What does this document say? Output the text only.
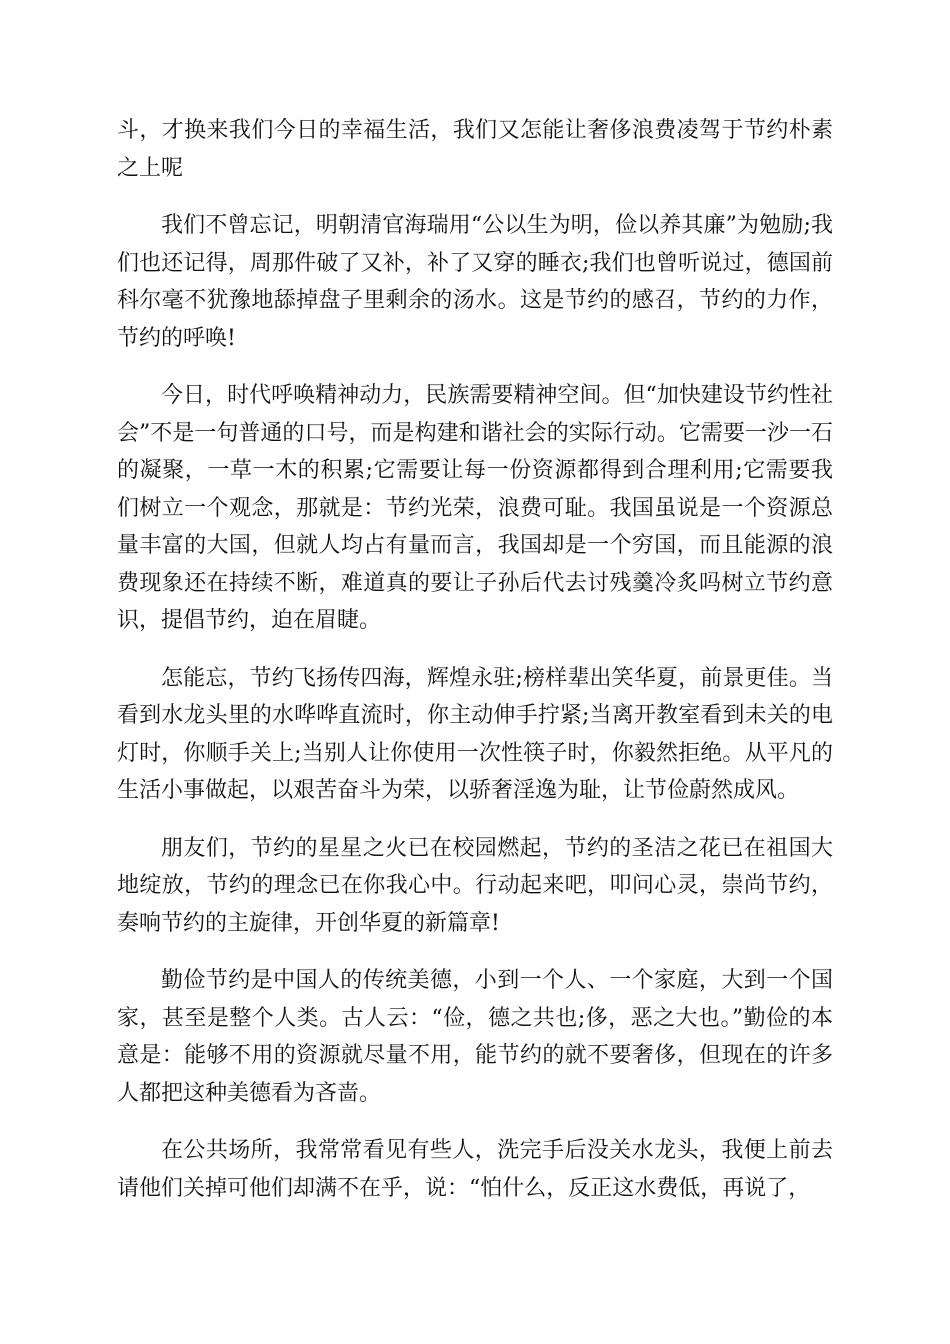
斗，才换来我们今日的幸福生活，我们又怎能让奢侈浪费凌驾于节约朴素之上呢

我们不曾忘记，明朝清官海瑞用“公以生为明，俭以养其廉”为勉励;我们也还记得，周那件破了又补，补了又穿的睡衣;我们也曾听说过，德国前科尔毫不犹豫地舔掉盘子里剩余的汤水。这是节约的感召，节约的力作，节约的呼唤!

今日，时代呼唤精神动力，民族需要精神空间。但“加快建设节约性社会”不是一句普通的口号，而是构建和谐社会的实际行动。它需要一沙一石的凝聚，一草一木的积累;它需要让每一份资源都得到合理利用;它需要我们树立一个观念，那就是：节约光荣，浪费可耻。我国虽说是一个资源总量丰富的大国，但就人均占有量而言，我国却是一个穷国，而且能源的浪费现象还在持续不断，难道真的要让子孙后代去讨残羹冷炙吗树立节约意识，提倡节约，迫在眉睫。

怎能忘，节约飞扬传四海，辉煌永驻;榜样辈出笑华夏，前景更佳。当看到水龙头里的水哗哗直流时，你主动伸手拧紧;当离开教室看到未关的电灯时，你顺手关上;当别人让你使用一次性筷子时，你毅然拒绝。从平凡的生活小事做起，以艰苦奋斗为荣，以骄奢淫逸为耻，让节俭蔚然成风。

朋友们，节约的星星之火已在校园燃起，节约的圣洁之花已在祖国大地绽放，节约的理念已在你我心中。行动起来吧，叩问心灵，崇尚节约，奏响节约的主旋律，开创华夏的新篇章!

勤俭节约是中国人的传统美德，小到一个人、一个家庭，大到一个国家，甚至是整个人类。古人云：“俭，德之共也;侈，恶之大也。”勤俭的本意是：能够不用的资源就尽量不用，能节约的就不要奢侈，但现在的许多人都把这种美德看为吝啬。

在公共场所，我常常看见有些人，洗完手后没关水龙头，我便上前去请他们关掉可他们却满不在乎，说：“怕什么，反正这水费低，再说了，
